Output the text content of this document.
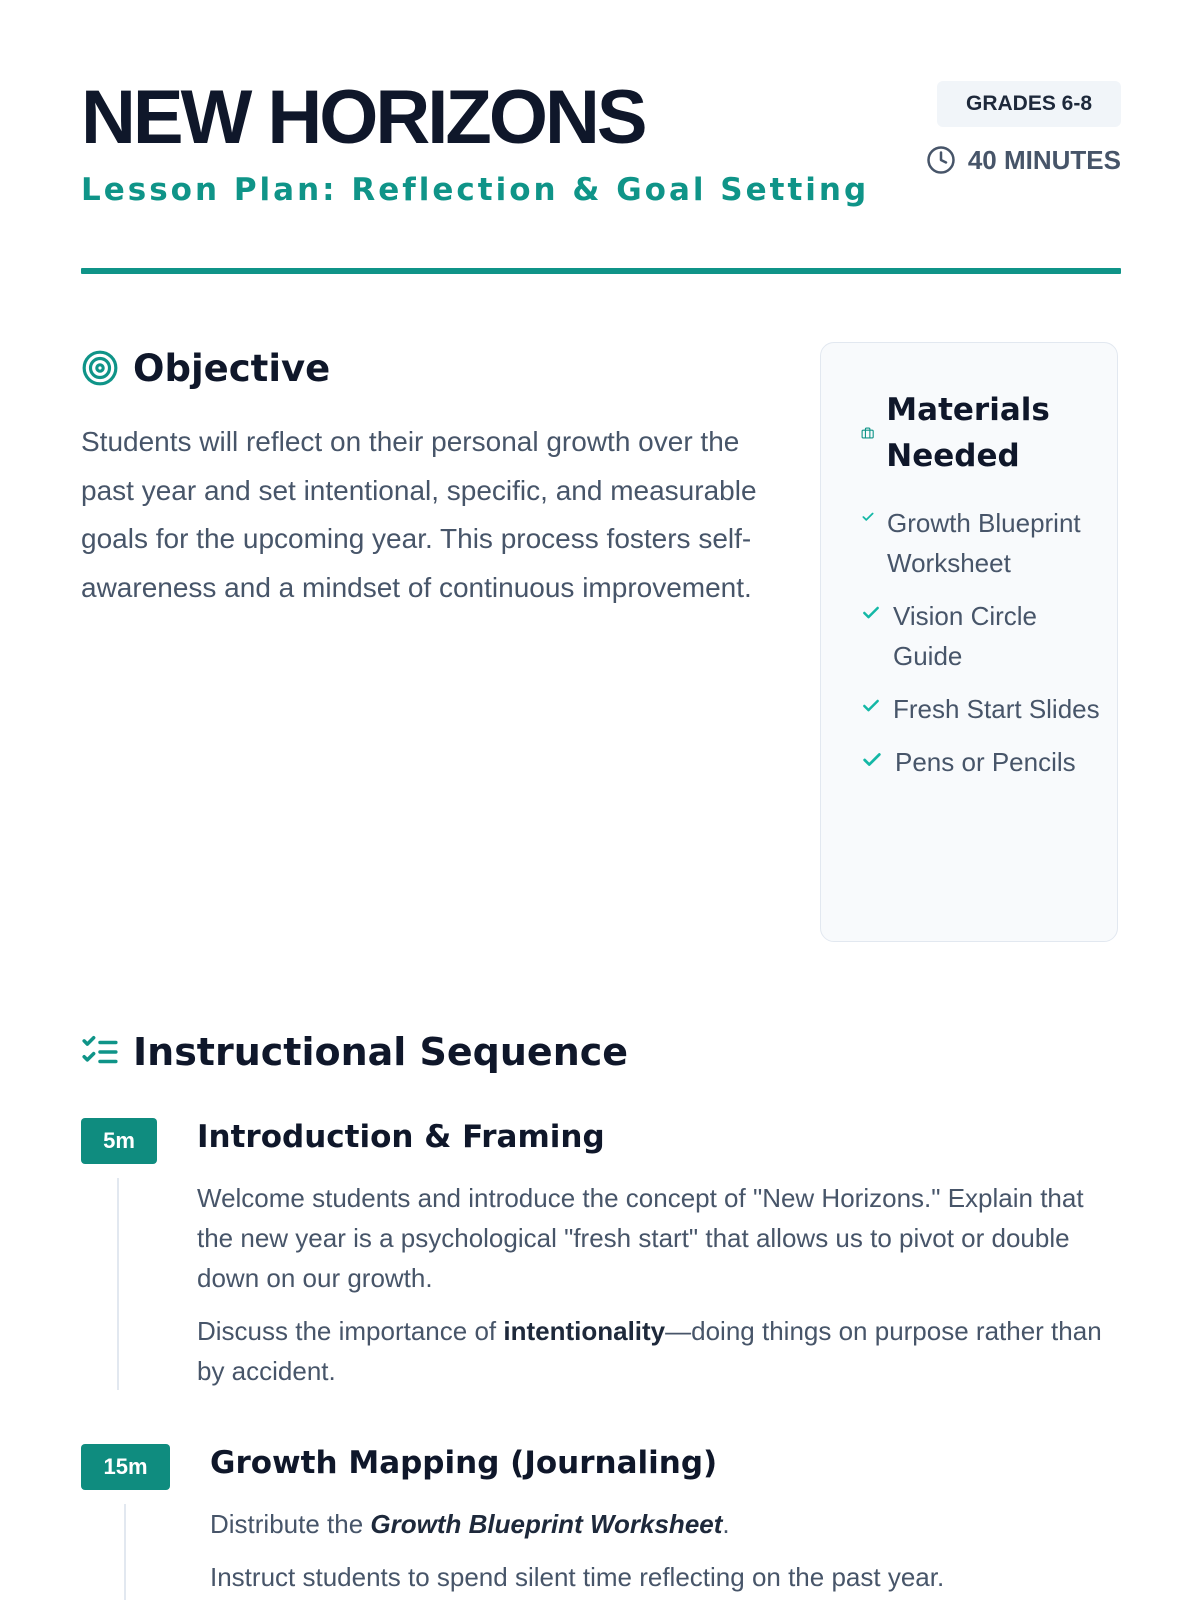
NEW HORIZONS

Lesson Plan: Reflection & Goal Setting

GRADES 6-8
40 MINUTES
Objective

Students will reflect on their personal growth over the past year and set intentional, specific, and measurable goals for the upcoming year. This process fosters self-awareness and a mindset of continuous improvement.

Materials Needed
Growth Blueprint Worksheet
Vision Circle Guide
Fresh Start Slides
Pens or Pencils
Instructional Sequence
5m	Introduction & Framing

Welcome students and introduce the concept of "New Horizons." Explain that the new year is a psychological "fresh start" that allows us to pivot or double down on our growth.

Discuss the importance of intentionality—doing things on purpose rather than by accident.

15m	Growth Mapping (Journaling)

Distribute the Growth Blueprint Worksheet.

Instruct students to spend silent time reflecting on the past year.
